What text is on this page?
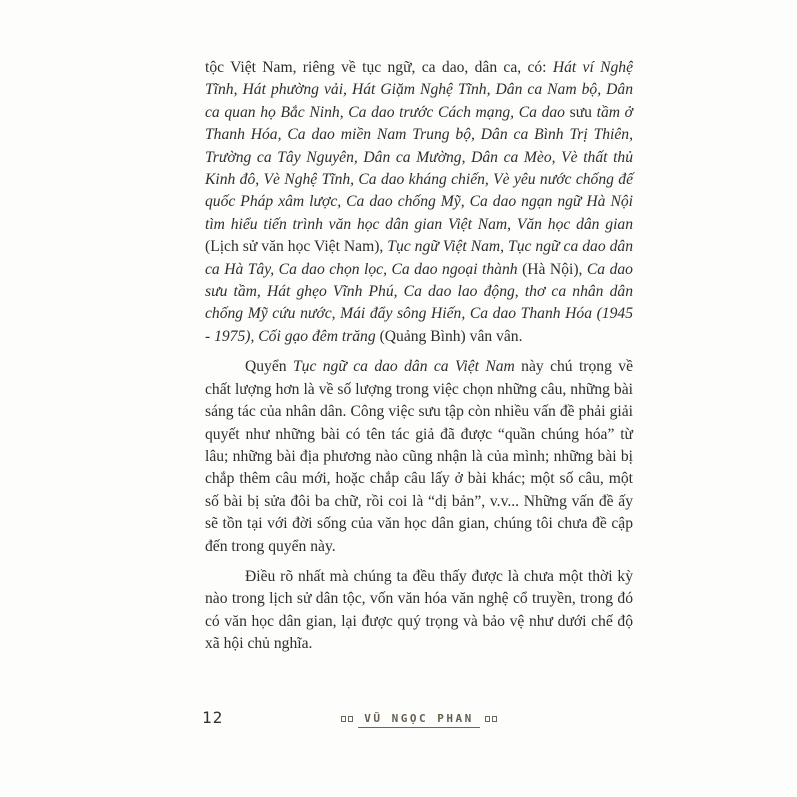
tộc Việt Nam, riêng về tục ngữ, ca dao, dân ca, có: Hát ví Nghệ Tĩnh, Hát phường vải, Hát Giặm Nghệ Tĩnh, Dân ca Nam bộ, Dân ca quan họ Bắc Ninh, Ca dao trước Cách mạng, Ca dao sưu tầm ở Thanh Hóa, Ca dao miền Nam Trung bộ, Dân ca Bình Trị Thiên, Trường ca Tây Nguyên, Dân ca Mường, Dân ca Mèo, Vè thất thủ Kinh đô, Vè Nghệ Tĩnh, Ca dao kháng chiến, Vè yêu nước chống đế quốc Pháp xâm lược, Ca dao chống Mỹ, Ca dao ngạn ngữ Hà Nội tìm hiểu tiến trình văn học dân gian Việt Nam, Văn học dân gian (Lịch sử văn học Việt Nam), Tục ngữ Việt Nam, Tục ngữ ca dao dân ca Hà Tây, Ca dao chọn lọc, Ca dao ngoại thành (Hà Nội), Ca dao sưu tầm, Hát ghẹo Vĩnh Phú, Ca dao lao động, thơ ca nhân dân chống Mỹ cứu nước, Mái đẩy sông Hiến, Ca dao Thanh Hóa (1945 - 1975), Cối gạo đêm trăng (Quảng Bình) vân vân.

Quyển Tục ngữ ca dao dân ca Việt Nam này chú trọng về chất lượng hơn là về số lượng trong việc chọn những câu, những bài sáng tác của nhân dân. Công việc sưu tập còn nhiều vấn đề phải giải quyết như những bài có tên tác giả đã được “quần chúng hóa” từ lâu; những bài địa phương nào cũng nhận là của mình; những bài bị chắp thêm câu mới, hoặc chắp câu lấy ở bài khác; một số câu, một số bài bị sửa đôi ba chữ, rồi coi là “dị bản”, v.v... Những vấn đề ấy sẽ tồn tại với đời sống của văn học dân gian, chúng tôi chưa đề cập đến trong quyển này.

Điều rõ nhất mà chúng ta đều thấy được là chưa một thời kỳ nào trong lịch sử dân tộc, vốn văn hóa văn nghệ cổ truyền, trong đó có văn học dân gian, lại được quý trọng và bảo vệ như dưới chế độ xã hội chủ nghĩa.

12	VŨ NGỌC PHAN
